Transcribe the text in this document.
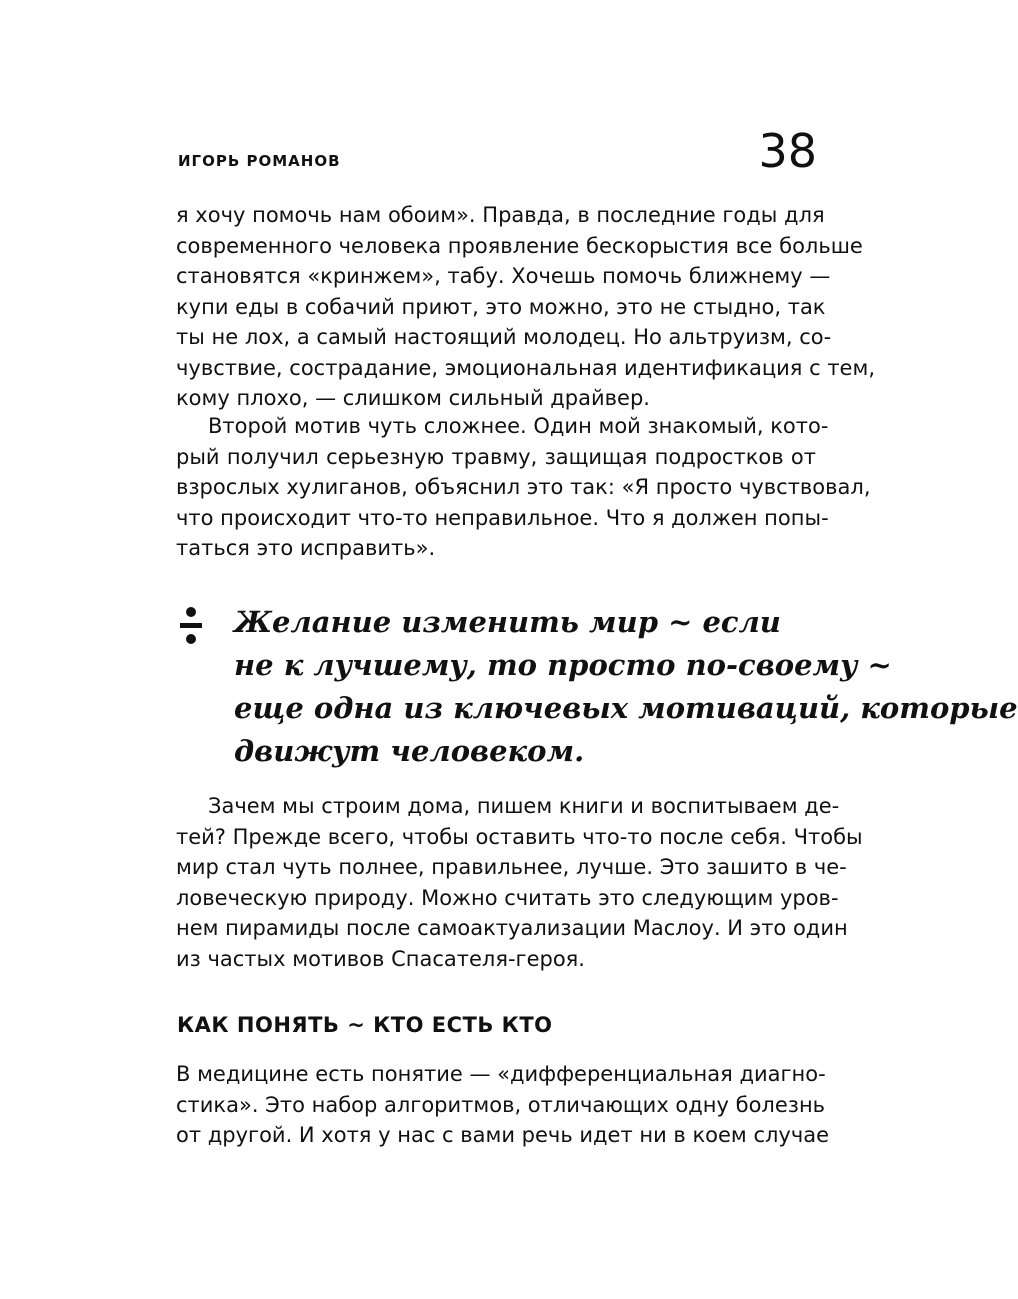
ИГОРЬ РОМАНОВ	38
я хочу помочь нам обоим». Правда, в последние годы для
современного человека проявление бескорыстия все больше
становятся «кринжем», табу. Хочешь помочь ближнему —
купи еды в собачий приют, это можно, это не стыдно, так
ты не лох, а самый настоящий молодец. Но альтруизм, со-
чувствие, сострадание, эмоциональная идентификация с тем,
кому плохо, — слишком сильный драйвер.
Второй мотив чуть сложнее. Один мой знакомый, кото-
рый получил серьезную травму, защищая подростков от
взрослых хулиганов, объяснил это так: «Я просто чувствовал,
что происходит что-то неправильное. Что я должен попы-
таться это исправить».
Желание изменить мир ~ если
не к лучшему, то просто по-своему ~
еще одна из ключевых мотиваций, которые
движут человеком.
Зачем мы строим дома, пишем книги и воспитываем де-
тей? Прежде всего, чтобы оставить что-то после себя. Чтобы
мир стал чуть полнее, правильнее, лучше. Это зашито в че-
ловеческую природу. Можно считать это следующим уров-
нем пирамиды после самоактуализации Маслоу. И это один
из частых мотивов Спасателя-героя.
КАК ПОНЯТЬ ~ КТО ЕСТЬ КТО
В медицине есть понятие — «дифференциальная диагно-
стика». Это набор алгоритмов, отличающих одну болезнь
от другой. И хотя у нас с вами речь идет ни в коем случае
